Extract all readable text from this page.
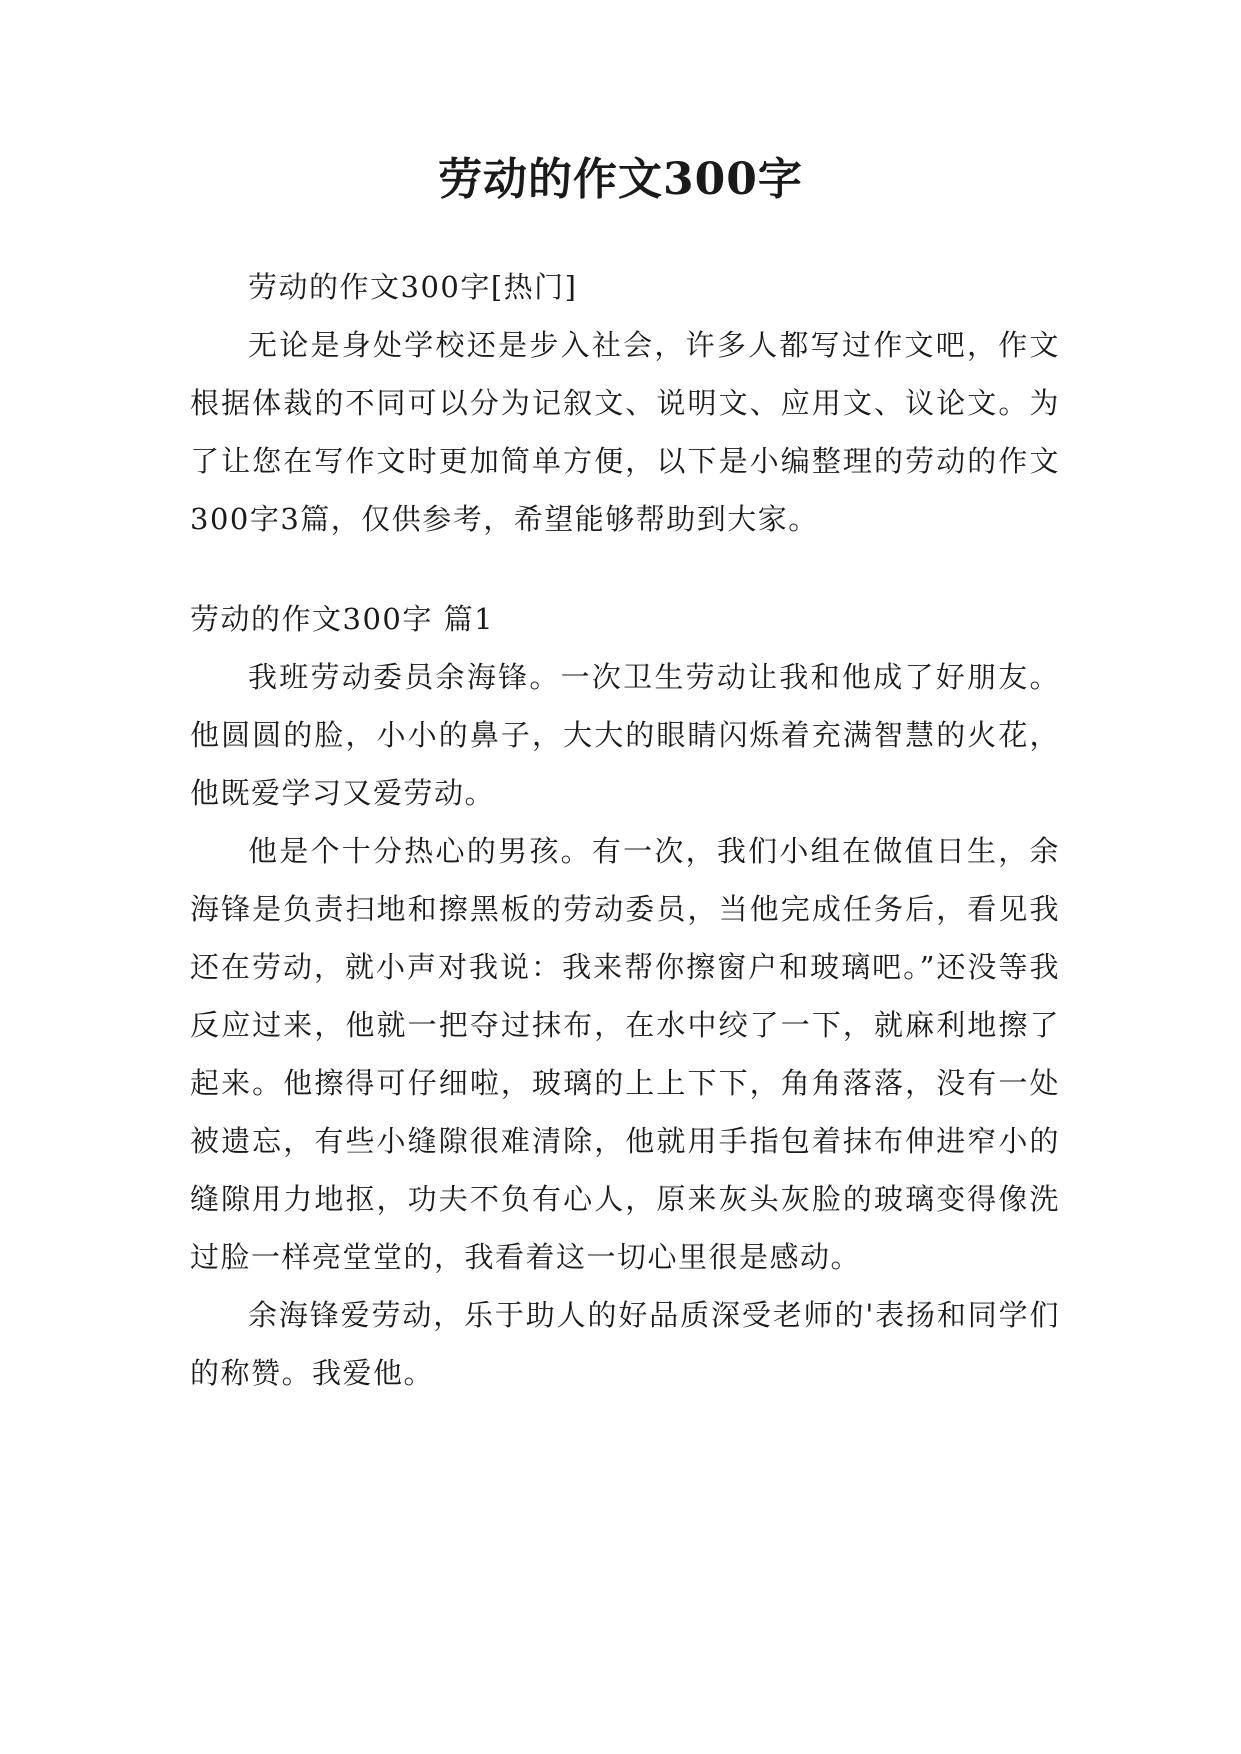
劳动的作文300字

劳动的作文300字[热门]

无论是身处学校还是步入社会，许多人都写过作文吧，作文根据体裁的不同可以分为记叙文、说明文、应用文、议论文。为了让您在写作文时更加简单方便，以下是小编整理的劳动的作文300字3篇，仅供参考，希望能够帮助到大家。

劳动的作文300字 篇1

我班劳动委员余海锋。一次卫生劳动让我和他成了好朋友。他圆圆的脸，小小的鼻子，大大的眼睛闪烁着充满智慧的火花，他既爱学习又爱劳动。

他是个十分热心的男孩。有一次，我们小组在做值日生，余海锋是负责扫地和擦黑板的劳动委员，当他完成任务后，看见我还在劳动，就小声对我说：我来帮你擦窗户和玻璃吧。”还没等我反应过来，他就一把夺过抹布，在水中绞了一下，就麻利地擦了起来。他擦得可仔细啦，玻璃的上上下下，角角落落，没有一处被遗忘，有些小缝隙很难清除，他就用手指包着抹布伸进窄小的缝隙用力地抠，功夫不负有心人，原来灰头灰脸的玻璃变得像洗过脸一样亮堂堂的，我看着这一切心里很是感动。

余海锋爱劳动，乐于助人的好品质深受老师的'表扬和同学们的称赞。我爱他。
